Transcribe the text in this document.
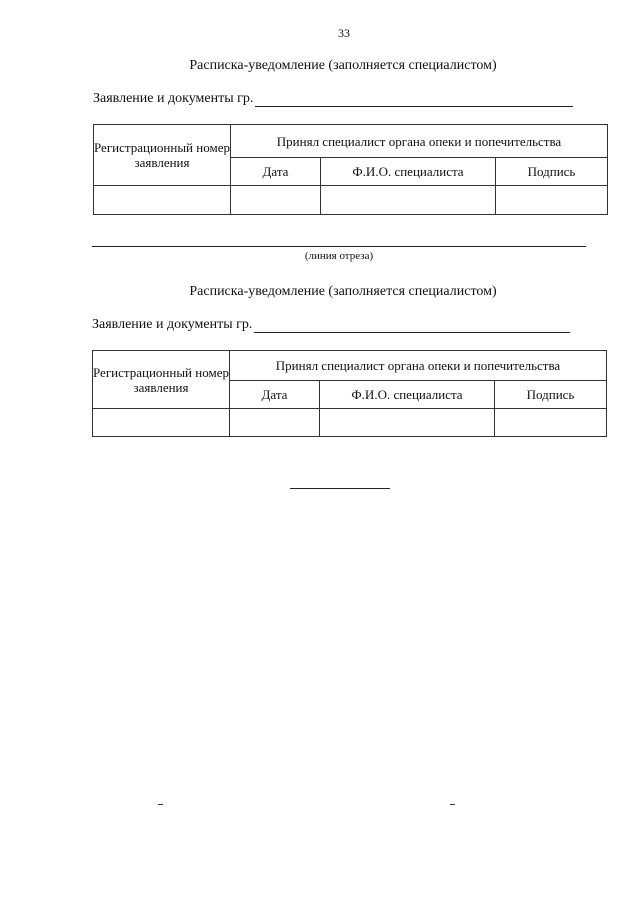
33
Расписка-уведомление (заполняется специалистом)
Заявление и документы гр.
Регистрационный номер заявления	Принял специалист органа опеки и попечительства		
	Дата	Ф.И.О. специалиста	Подпись

(линия отреза)
Расписка-уведомление (заполняется специалистом)
Заявление и документы гр.
Регистрационный номер заявления	Принял специалист органа опеки и попечительства		
	Дата	Ф.И.О. специалиста	Подпись
